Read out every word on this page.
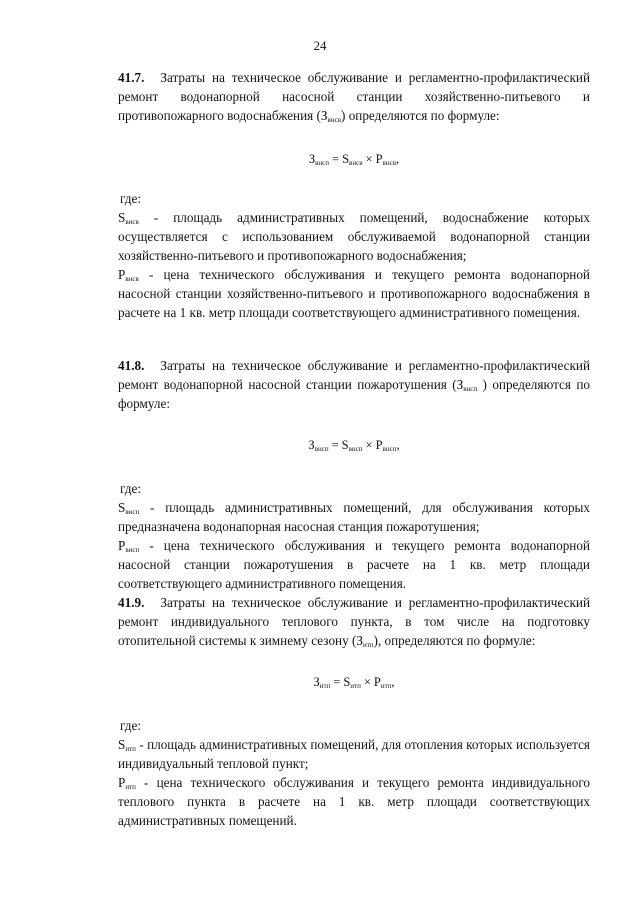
24

41.7. Затраты на техническое обслуживание и регламентно-профилактический ремонт водонапорной насосной станции хозяйственно-питьевого и противопожарного водоснабжения $(З_{внсв})$ определяются по формуле:

$З_{внсп} = S_{внсв} \times P_{внсв}$,

где:

$S_{внсв}$ - площадь административных помещений, водоснабжение которых осуществляется с использованием обслуживаемой водонапорной станции хозяйственно-питьевого и противопожарного водоснабжения;

$P_{внсв}$ - цена технического обслуживания и текущего ремонта водонапорной насосной станции хозяйственно-питьевого и противопожарного водоснабжения в расчете на 1 кв. метр площади соответствующего административного помещения.

41.8. Затраты на техническое обслуживание и регламентно-профилактический ремонт водонапорной насосной станции пожаротушения ($З_{внсп}$ ) определяются по формуле:

$З_{внсп} = S_{внсп} \times P_{внсп}$,

где:

$S_{внсп}$ - площадь административных помещений, для обслуживания которых предназначена водонапорная насосная станция пожаротушения;

$P_{внсп}$ - цена технического обслуживания и текущего ремонта водонапорной насосной станции пожаротушения в расчете на 1 кв. метр площади соответствующего административного помещения.

41.9. Затраты на техническое обслуживание и регламентно-профилактический ремонт индивидуального теплового пункта, в том числе на подготовку отопительной системы к зимнему сезону $(З_{итп})$, определяются по формуле:

$З_{итп} = S_{итп} \times P_{итп}$,

где:

$S_{итп}$ - площадь административных помещений, для отопления которых используется индивидуальный тепловой пункт;

$P_{итп}$ - цена технического обслуживания и текущего ремонта индивидуального теплового пункта в расчете на 1 кв. метр площади соответствующих административных помещений.
